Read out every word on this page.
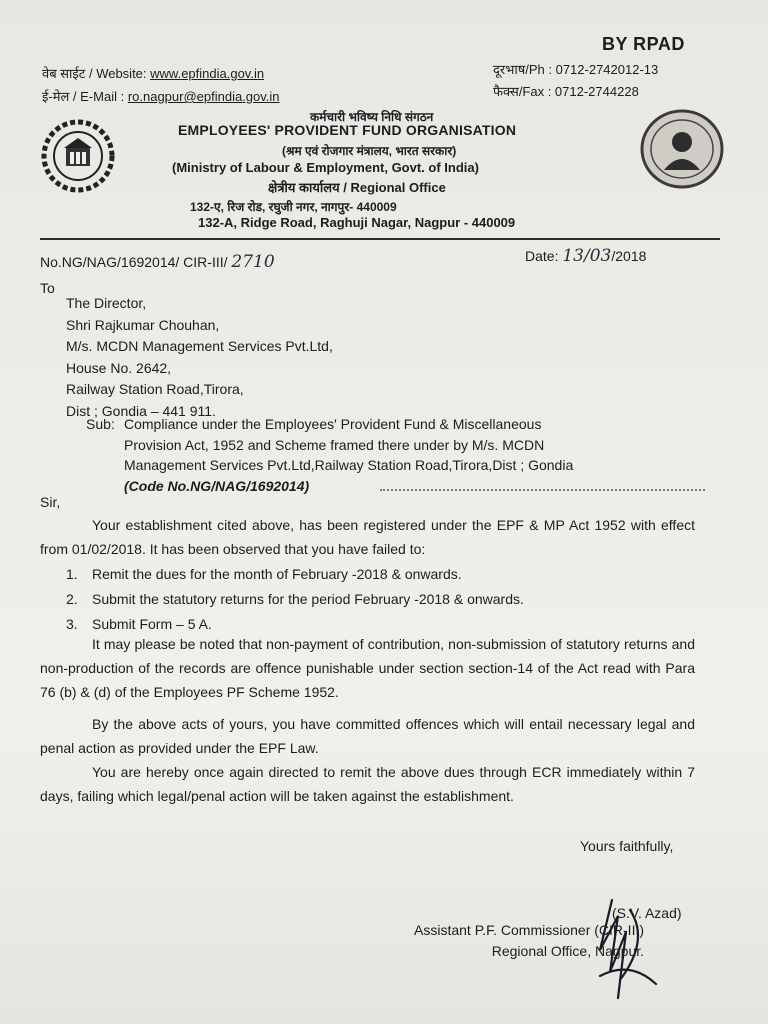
BY RPAD
वेब साईट / Website: www.epfindia.gov.in
ई-मेल / E-Mail : ro.nagpur@epfindia.gov.in
दूरभाष/Ph : 0712-2742012-13
फैक्स/Fax : 0712-2744228
कर्मचारी भविष्य निधि संगठन
EMPLOYEES' PROVIDENT FUND ORGANISATION
(श्रम एवं रोजगार मंत्रालय, भारत सरकार)
(Ministry of Labour & Employment, Govt. of India)
क्षेत्रीय कार्यालय / Regional Office
132-ए, रिज रोड, रघुजी नगर, नागपुर- 440009
132-A, Ridge Road, Raghuji Nagar, Nagpur - 440009
No.NG/NAG/1692014/ CIR-III/ 2710	Date: 13/03/2018
To
The Director,
Shri Rajkumar Chouhan,
M/s. MCDN Management Services Pvt.Ltd,
House No. 2642,
Railway Station Road,Tirora,
Dist ; Gondia – 441 911.
Sub: Compliance under the Employees' Provident Fund & Miscellaneous
Provision Act, 1952 and Scheme framed there under by M/s. MCDN
Management Services Pvt.Ltd,Railway Station Road,Tirora,Dist ; Gondia
(Code No.NG/NAG/1692014)
Sir,
Your establishment cited above, has been registered under the EPF & MP Act 1952 with effect from 01/02/2018. It has been observed that you have failed to:
1. Remit the dues for the month of February -2018 & onwards.
2. Submit the statutory returns for the period February -2018 & onwards.
3. Submit Form – 5 A.
It may please be noted that non-payment of contribution, non-submission of statutory returns and non-production of the records are offence punishable under section section-14 of the Act read with Para 76 (b) & (d) of the Employees PF Scheme 1952.
By the above acts of yours, you have committed offences which will entail necessary legal and penal action as provided under the EPF Law.
You are hereby once again directed to remit the above dues through ECR immediately within 7 days, failing which legal/penal action will be taken against the establishment.
Yours faithfully,
(S.V. Azad)
Assistant P.F. Commissioner (CIR-III)
Regional Office, Nagpur.
